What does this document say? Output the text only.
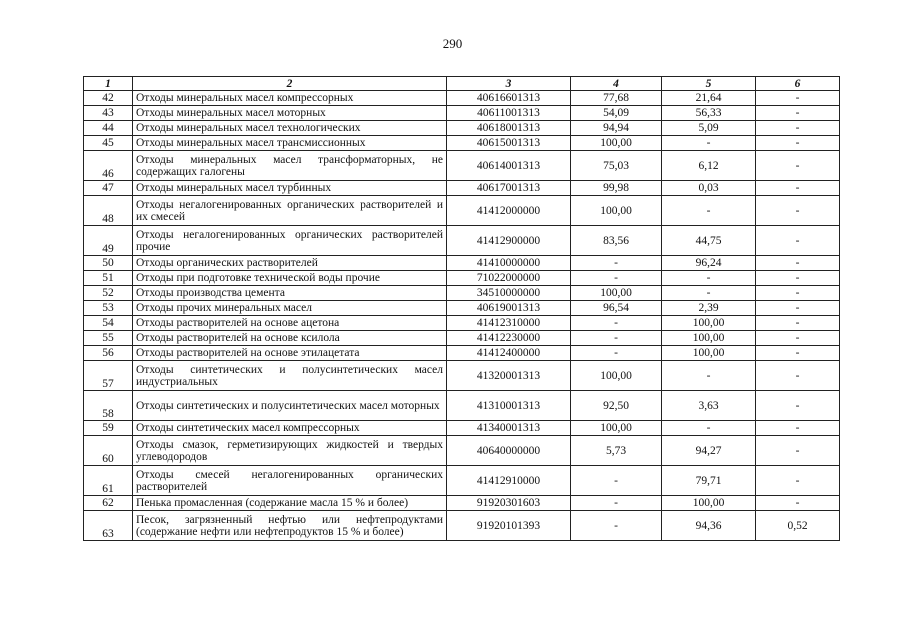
290
1	2	3	4	5	6
42	Отходы минеральных масел компрессорных	40616601313	77,68	21,64	-
43	Отходы минеральных масел моторных	40611001313	54,09	56,33	-
44	Отходы минеральных масел технологических	40618001313	94,94	5,09	-
45	Отходы минеральных масел трансмиссионных	40615001313	100,00	-	-
46	Отходы минеральных масел трансформаторных, не содержащих галогены	40614001313	75,03	6,12	-
47	Отходы минеральных масел турбинных	40617001313	99,98	0,03	-
48	Отходы негалогенированных органических растворителей и их смесей	41412000000	100,00	-	-
49	Отходы негалогенированных органических растворителей прочие	41412900000	83,56	44,75	-
50	Отходы органических растворителей	41410000000	-	96,24	-
51	Отходы при подготовке технической воды прочие	71022000000	-	-	-
52	Отходы производства цемента	34510000000	100,00	-	-
53	Отходы прочих минеральных масел	40619001313	96,54	2,39	-
54	Отходы растворителей на основе ацетона	41412310000	-	100,00	-
55	Отходы растворителей на основе ксилола	41412230000	-	100,00	-
56	Отходы растворителей на основе этилацетата	41412400000	-	100,00	-
57	Отходы синтетических и полусинтетических масел индустриальных	41320001313	100,00	-	-
58	Отходы синтетических и полусинтетических масел моторных	41310001313	92,50	3,63	-
59	Отходы синтетических масел компрессорных	41340001313	100,00	-	-
60	Отходы смазок, герметизирующих жидкостей и твердых углеводородов	40640000000	5,73	94,27	-
61	Отходы смесей негалогенированных органических растворителей	41412910000	-	79,71	-
62	Пенька промасленная (содержание масла 15 % и более)	91920301603	-	100,00	-
63	Песок, загрязненный нефтью или нефтепродуктами (содержание нефти или нефтепродуктов 15 % и более)	91920101393	-	94,36	0,52
